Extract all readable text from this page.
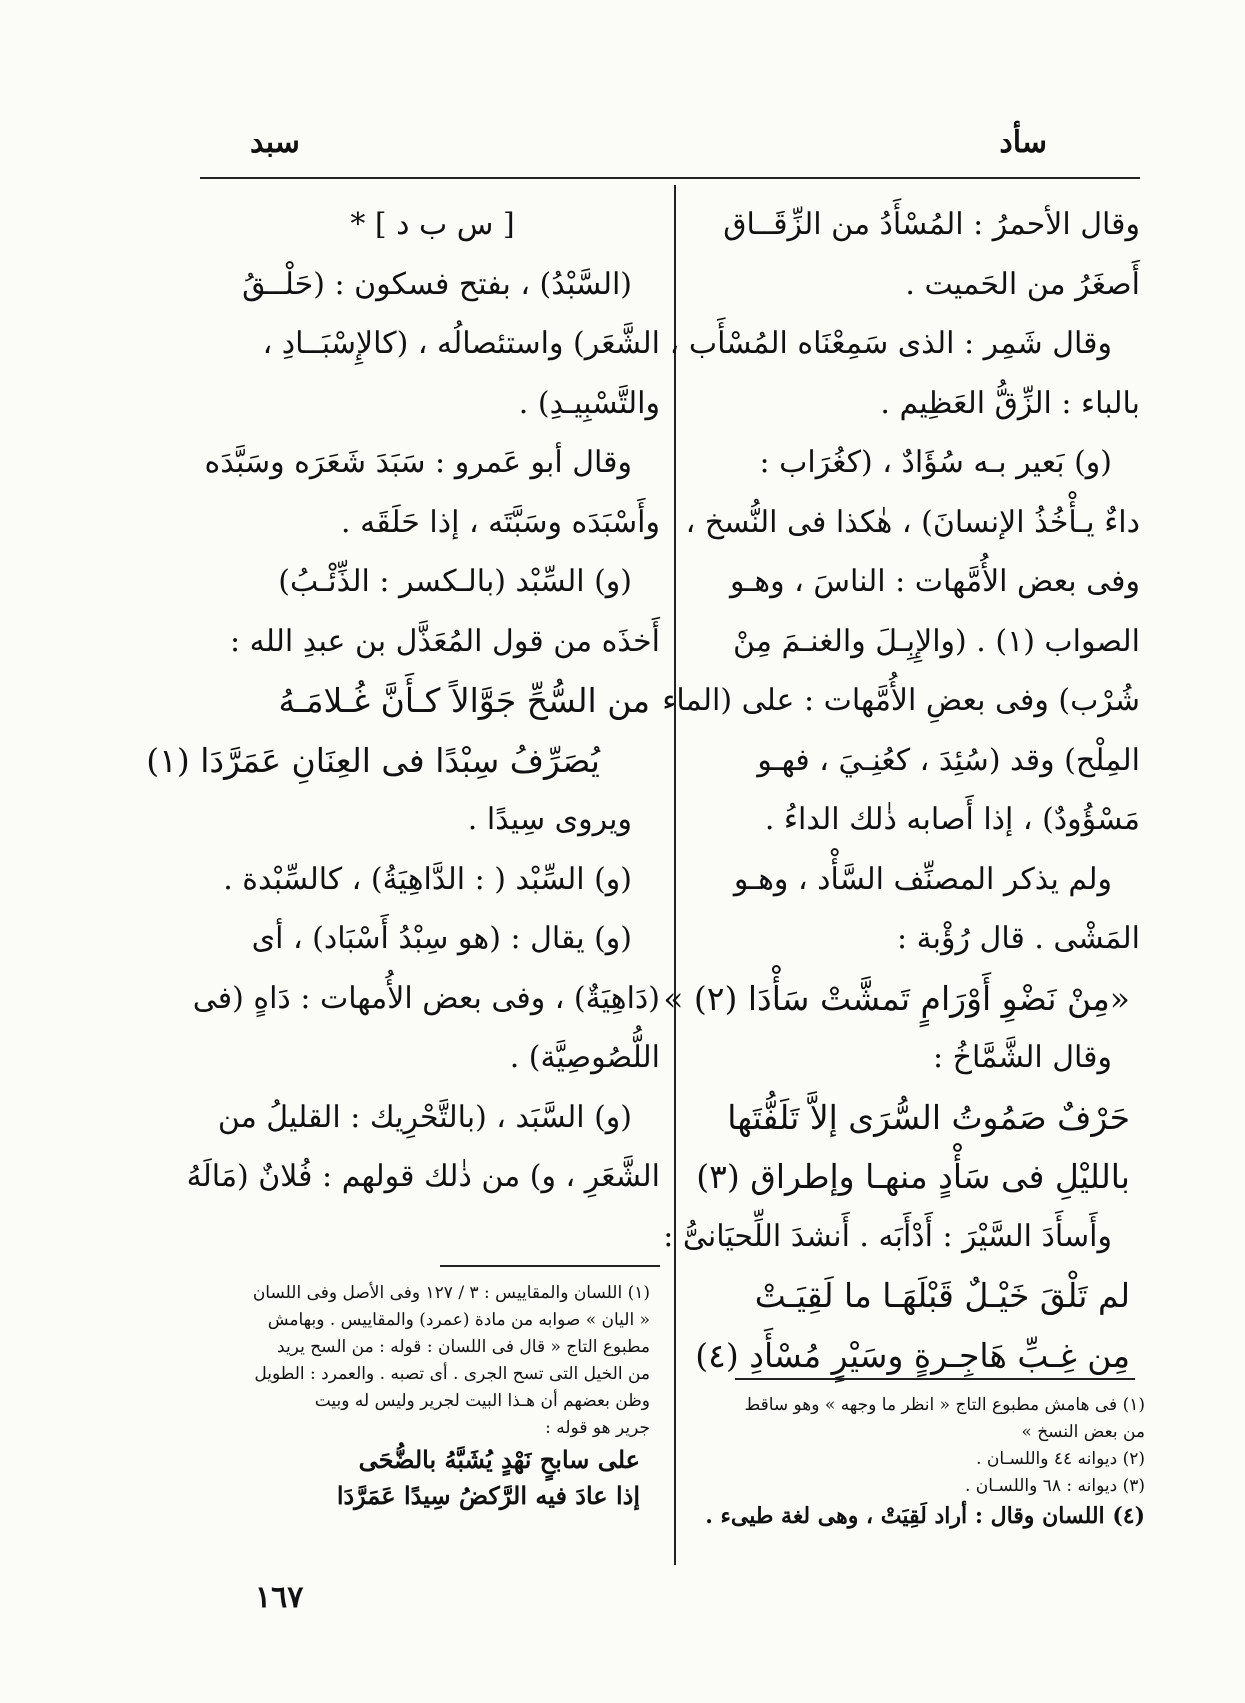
سأد
سبد
وقال الأحمرُ : المُسْأَدُ من الزِّقَــاق
أَصغَرُ من الحَميت .
وقال شَمِر : الذى سَمِعْنَاه المُسْأَب ،
بالباء : الزِّقُّ العَظِيم .
(و) بَعير بـه سُؤَادٌ ، (كغُرَاب :
داءٌ يـأْخُذُ الإنسانَ) ، هٰكذا فى النُّسخ ،
وفى بعض الأُمَّهات : الناسَ ، وهـو
الصواب (١) . (والإِبِـلَ والغنـمَ مِنْ
شُرْب) وفى بعضِ الأُمَّهات : على (الماء
المِلْح) وقد (سُئِدَ ، كعُنِـيَ ، فهـو
مَسْؤُودٌ) ، إذا أَصابه ذٰلك الداءُ .
ولم يذكر المصنِّف السَّأْد ، وهـو
المَشْى . قال رُؤْبة :
«مِنْ نَضْوِ أَوْرَامٍ تَمشَّتْ سَأْدَا (٢) »
وقال الشَّمَّاخُ :
حَرْفٌ صَمُوتُ السُّرَى إلاَّ تَلَفُّتَها
بالليْلِ فى سَأْدٍ منهـا وإطراق (٣)
وأَسأَدَ السَّيْرَ : أَدْأَبَه . أَنشدَ اللِّحيَانىُّ :
لم تَلْقَ خَيْـلٌ قَبْلَهَـا ما لَقِيَـتْ
مِن غِـبِّ هَاجِـرةٍ وسَيْرٍ مُسْأَدِ (٤)
[ س ب د ] *
(السَّبْدُ) ، بفتح فسكون : (حَلْــقُ
الشَّعَر) واستئصالُه ، (كالإِسْبَــادِ ،
والتَّسْبِيـدِ) .
وقال أبو عَمرو : سَبَدَ شَعَرَه وسَبَّدَه
وأَسْبَدَه وسَبَّتَه ، إذا حَلَقَه .
(و) السِّبْد (بالـكسر : الذِّئْـبُ)
أَخذَه من قول المُعَذَّل بن عبدِ الله :
من السُّحِّ جَوَّالاً كـأَنَّ غُـلامَـهُ
يُصَرِّفُ سِبْدًا فى العِنَانِ عَمَرَّدَا (١)
ويروى سِيدًا .
(و) السِّبْد ( : الدَّاهِيَةُ) ، كالسِّبْدة .
(و) يقال : (هو سِبْدُ أَسْبَاد) ، أى
(دَاهِيَةٌ) ، وفى بعض الأُمهات : دَاهٍ (فى
اللُّصُوصِيَّة) .
(و) السَّبَد ، (بالتَّحْرِيك : القليلُ من
الشَّعَرِ ، و) من ذٰلك قولهم : فُلانٌ (مَالَهُ
(١) فى هامش مطبوع التاج « انظر ما وجهه » وهو ساقط
من بعض النسخ »
(٢) ديوانه ٤٤ واللسـان .
(٣) ديوانه : ٦٨ واللسـان .
(٤) اللسان وقال : أراد لَقِيَتْ ، وهى لغة طيىء .
(١) اللسان والمقاييس : ٣ / ١٢٧ وفى الأصل وفى اللسان
« اليان » صوابه من مادة (عمرد) والمقاييس . وبهامش
مطبوع التاج « قال فى اللسان : قوله : من السح يريد
من الخيل التى تسح الجرى . أى تصبه . والعمرد : الطويل
وظن بعضهم أن هـذا البيت لجرير وليس له وبيت
جرير هو قوله :
على سابحٍ نَهْدٍ يُشَبَّهُ بالضُّحَى
إذا عادَ فيه الرَّكضُ سِيدًا عَمَرَّدَا
١٦٧
